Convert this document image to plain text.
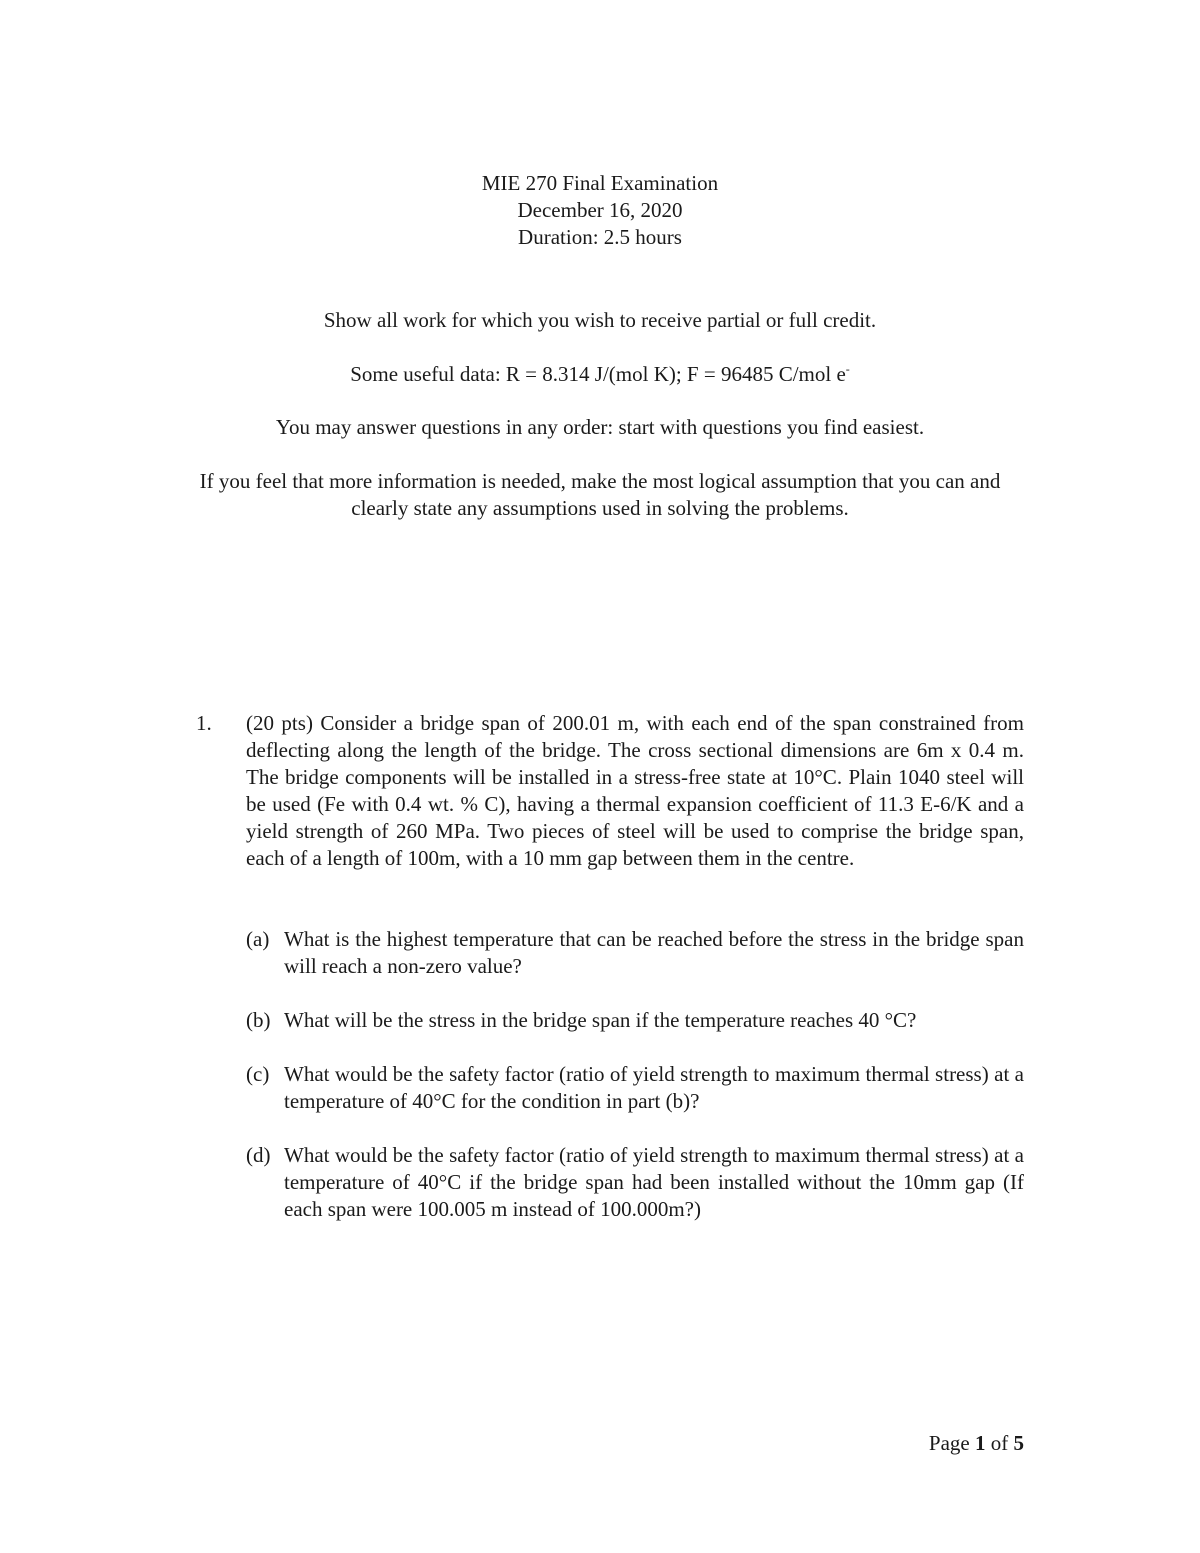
MIE 270 Final Examination
December 16, 2020
Duration: 2.5 hours
Show all work for which you wish to receive partial or full credit.
Some useful data: R = 8.314 J/(mol K); F = 96485 C/mol e-
You may answer questions in any order: start with questions you find easiest.
If you feel that more information is needed, make the most logical assumption that you can and clearly state any assumptions used in solving the problems.
1. (20 pts) Consider a bridge span of 200.01 m, with each end of the span constrained from deflecting along the length of the bridge. The cross sectional dimensions are 6m x 0.4 m. The bridge components will be installed in a stress-free state at 10°C. Plain 1040 steel will be used (Fe with 0.4 wt. % C), having a thermal expansion coefficient of 11.3 E-6/K and a yield strength of 260 MPa. Two pieces of steel will be used to comprise the bridge span, each of a length of 100m, with a 10 mm gap between them in the centre.
(a) What is the highest temperature that can be reached before the stress in the bridge span will reach a non-zero value?
(b) What will be the stress in the bridge span if the temperature reaches 40 °C?
(c) What would be the safety factor (ratio of yield strength to maximum thermal stress) at a temperature of 40°C for the condition in part (b)?
(d) What would be the safety factor (ratio of yield strength to maximum thermal stress) at a temperature of 40°C if the bridge span had been installed without the 10mm gap (If each span were 100.005 m instead of 100.000m?)
Page 1 of 5
